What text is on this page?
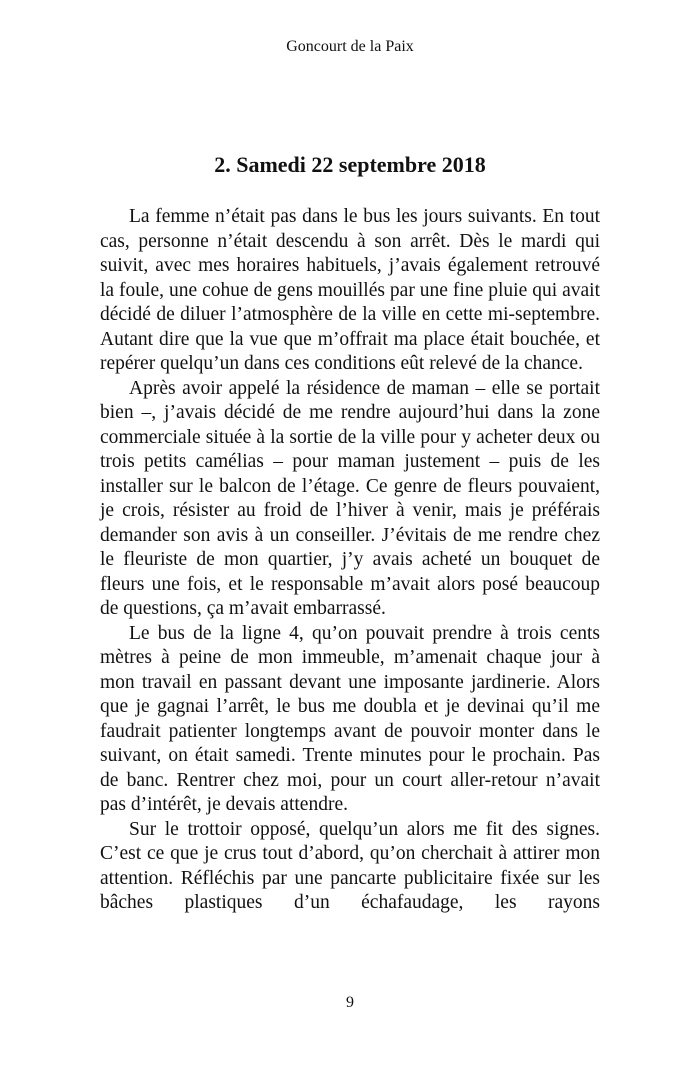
Goncourt de la Paix
2. Samedi 22 septembre 2018

La femme n’était pas dans le bus les jours suivants. En tout cas, personne n’était descendu à son arrêt. Dès le mardi qui suivit, avec mes horaires habituels, j’avais également retrouvé la foule, une cohue de gens mouillés par une fine pluie qui avait décidé de diluer l’atmosphère de la ville en cette mi-septembre. Autant dire que la vue que m’offrait ma place était bouchée, et repérer quelqu’un dans ces conditions eût relevé de la chance.

Après avoir appelé la résidence de maman – elle se portait bien –, j’avais décidé de me rendre aujourd’hui dans la zone commerciale située à la sortie de la ville pour y acheter deux ou trois petits camélias – pour maman justement – puis de les installer sur le balcon de l’étage. Ce genre de fleurs pouvaient, je crois, résister au froid de l’hiver à venir, mais je préférais demander son avis à un conseiller. J’évitais de me rendre chez le fleuriste de mon quartier, j’y avais acheté un bouquet de fleurs une fois, et le responsable m’avait alors posé beaucoup de questions, ça m’avait embarrassé.

Le bus de la ligne 4, qu’on pouvait prendre à trois cents mètres à peine de mon immeuble, m’amenait chaque jour à mon travail en passant devant une imposante jardinerie. Alors que je gagnai l’arrêt, le bus me doubla et je devinai qu’il me faudrait patienter longtemps avant de pouvoir monter dans le suivant, on était samedi. Trente minutes pour le prochain. Pas de banc. Rentrer chez moi, pour un court aller-retour n’avait pas d’intérêt, je devais attendre.

Sur le trottoir opposé, quelqu’un alors me fit des signes. C’est ce que je crus tout d’abord, qu’on cherchait à attirer mon attention. Réfléchis par une pancarte publicitaire fixée sur les bâches plastiques d’un échafaudage, les rayons

9
